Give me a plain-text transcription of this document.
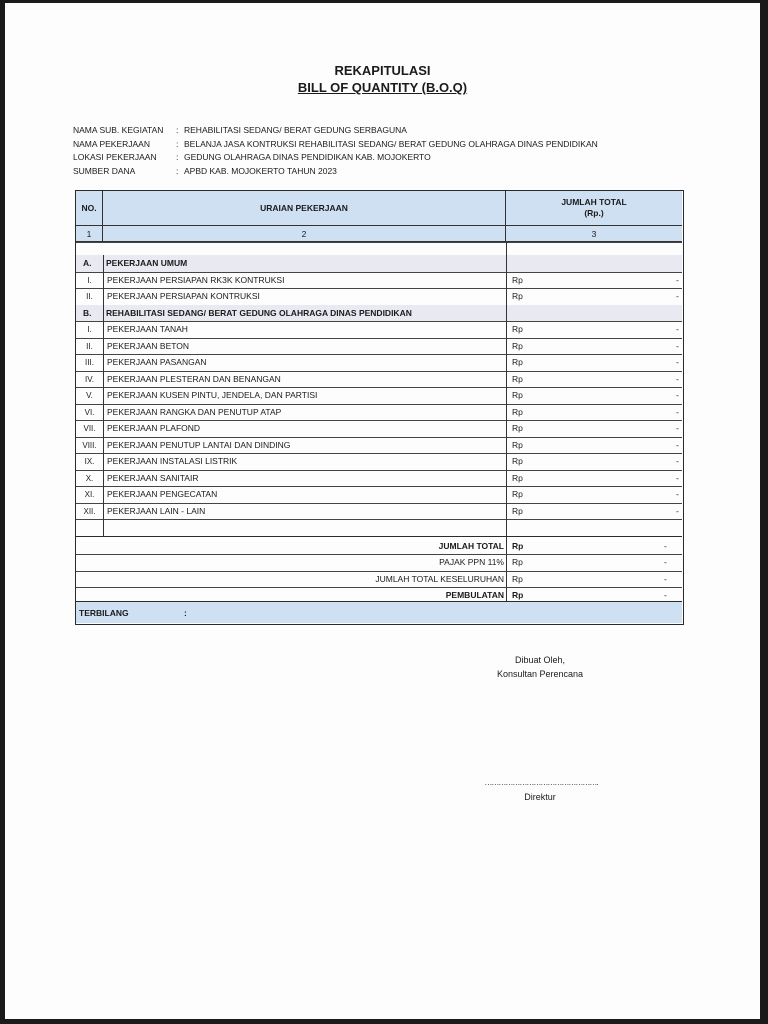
REKAPITULASI
BILL OF QUANTITY (B.O.Q)
NAMA SUB. KEGIATAN	: REHABILITASI SEDANG/ BERAT GEDUNG SERBAGUNA
NAMA PEKERJAAN	: BELANJA JASA KONTRUKSI REHABILITASI SEDANG/ BERAT GEDUNG OLAHRAGA DINAS PENDIDIKAN
LOKASI PEKERJAAN	: GEDUNG OLAHRAGA DINAS PENDIDIKAN KAB. MOJOKERTO
SUMBER DANA	: APBD KAB. MOJOKERTO TAHUN 2023
NO.	URAIAN PEKERJAAN
JUMLAH TOTAL
(Rp.)
1	2	3
A. PEKERJAAN UMUM
I.	PEKERJAAN PERSIAPAN RK3K KONTRUKSI	Rp	-
II.	PEKERJAAN PERSIAPAN KONTRUKSI	Rp	-
B. REHABILITASI SEDANG/ BERAT GEDUNG OLAHRAGA DINAS PENDIDIKAN
I.	PEKERJAAN TANAH	Rp	-
II.	PEKERJAAN BETON	Rp	-
III.	PEKERJAAN PASANGAN	Rp	-
IV.	PEKERJAAN PLESTERAN DAN BENANGAN	Rp	-
V.	PEKERJAAN KUSEN PINTU, JENDELA, DAN PARTISI	Rp	-
VI.	PEKERJAAN RANGKA DAN PENUTUP ATAP	Rp	-
VII.	PEKERJAAN PLAFOND	Rp	-
VIII.	PEKERJAAN PENUTUP LANTAI DAN DINDING	Rp	-
IX.	PEKERJAAN INSTALASI LISTRIK	Rp	-
X.	PEKERJAAN SANITAIR	Rp	-
XI.	PEKERJAAN PENGECATAN	Rp	-
XII.	PEKERJAAN LAIN - LAIN	Rp	-
JUMLAH TOTAL Rp	-
PAJAK PPN 11% Rp	-
JUMLAH TOTAL KESELURUHAN Rp	-
PEMBULATAN Rp	-
TERBILANG	:
Dibuat Oleh,
Konsultan Perencana
………………………………………….
Direktur
